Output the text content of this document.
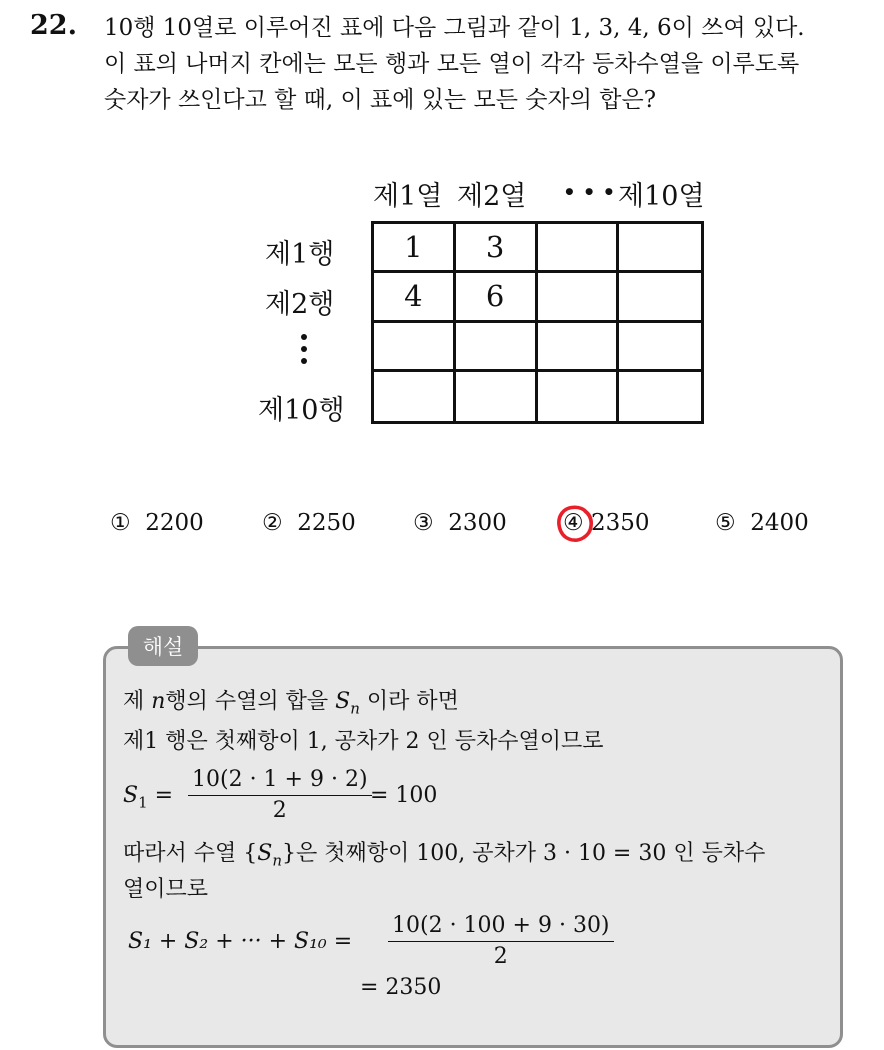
22. 10행 10열로 이루어진 표에 다음 그림과 같이 1, 3, 4, 6이 쓰여 있다.
이 표의 나머지 칸에는 모든 행과 모든 열이 각각 등차수열을 이루도록
숫자가 쓰인다고 할 때, 이 표에 있는 모든 숫자의 합은?
제1열 제2열 • • • 제10열
제1행
제2행
제10행
1	3
4	6
① 2200	② 2250 ③ 2300 ④ 2350	⑤ 2400
해설
제 n행의 수열의 합을 $S_n$ 이라 하면
제1 행은 첫째항이 1, 공차가 2 인 등차수열이므로
$S_1 = \frac{10(2 \cdot 1 + 9 \cdot 2)}{2}$
= 100
따라서 수열 $\{S_n\}$은 첫째항이 100, 공차가 3 · 10 = 30 인 등차수
열이므로
S₁ + S₂ + ··· + $S_{10} = \frac{10(2 \cdot 100 + 9 \cdot 30)}{2}$
= 2350
